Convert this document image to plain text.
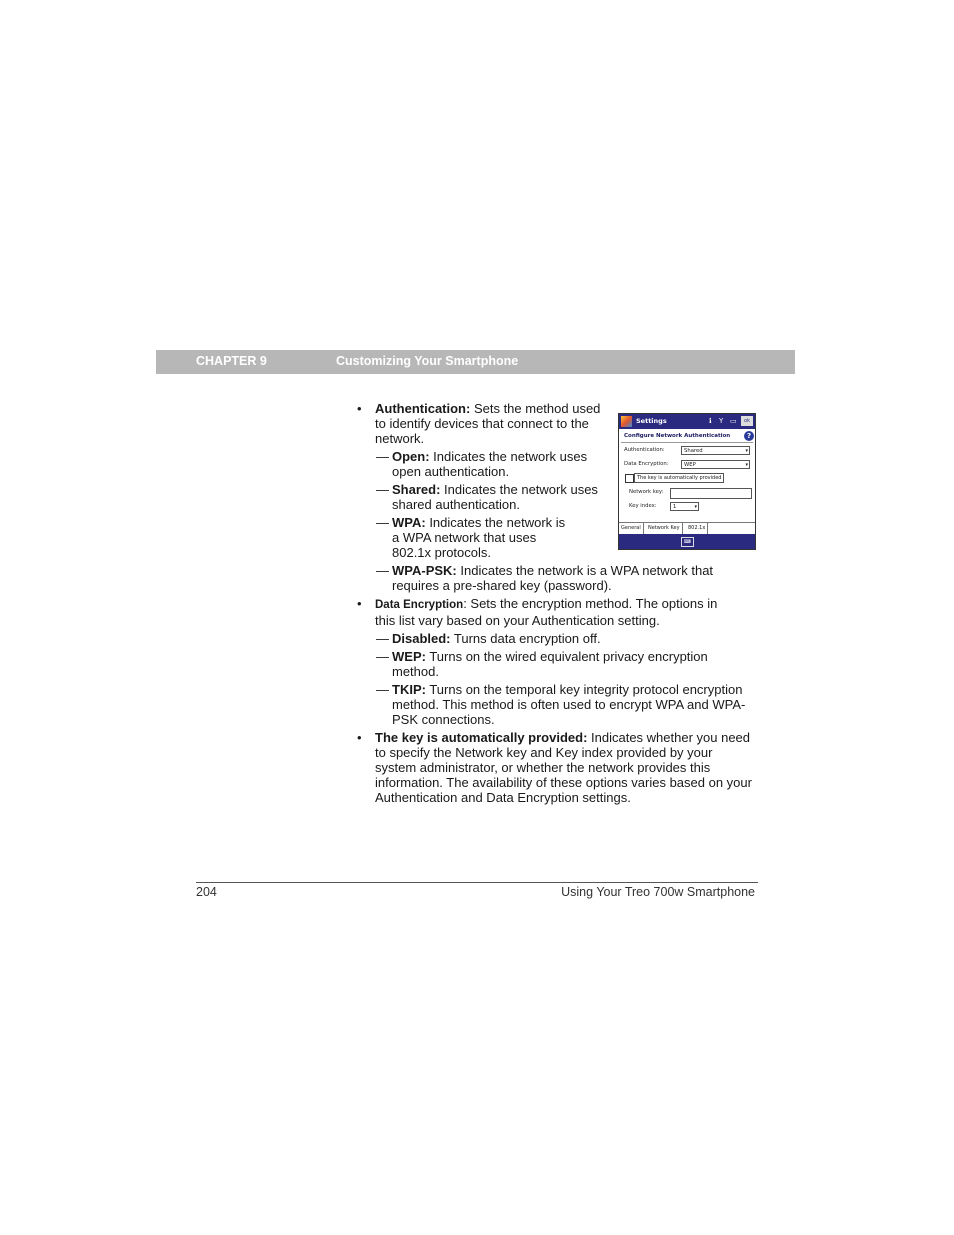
CHAPTER 9	Customizing Your Smartphone
Settings	ℹ Y ▭	ok
Configure Network Authentication	?
Authentication:	Shared	▾
Data Encryption:	WEP	▾
The key is automatically provided
Network key:
Key index:	1	▾
General	Network Key	802.1x
⌨
• Authentication: Sets the method used to identify devices that connect to the network.
— Open: Indicates the network uses open authentication.
— Shared: Indicates the network uses shared authentication.
— WPA: Indicates the network is a WPA network that uses 802.1x protocols.
— WPA-PSK: Indicates the network is a WPA network that requires a pre-shared key (password).
• Data Encryption: Sets the encryption method. The options in this list vary based on your Authentication setting.
— Disabled: Turns data encryption off.
— WEP: Turns on the wired equivalent privacy encryption method.
— TKIP: Turns on the temporal key integrity protocol encryption method. This method is often used to encrypt WPA and WPA-PSK connections.
• The key is automatically provided: Indicates whether you need to specify the Network key and Key index provided by your system administrator, or whether the network provides this information. The availability of these options varies based on your Authentication and Data Encryption settings.
204	Using Your Treo 700w Smartphone
